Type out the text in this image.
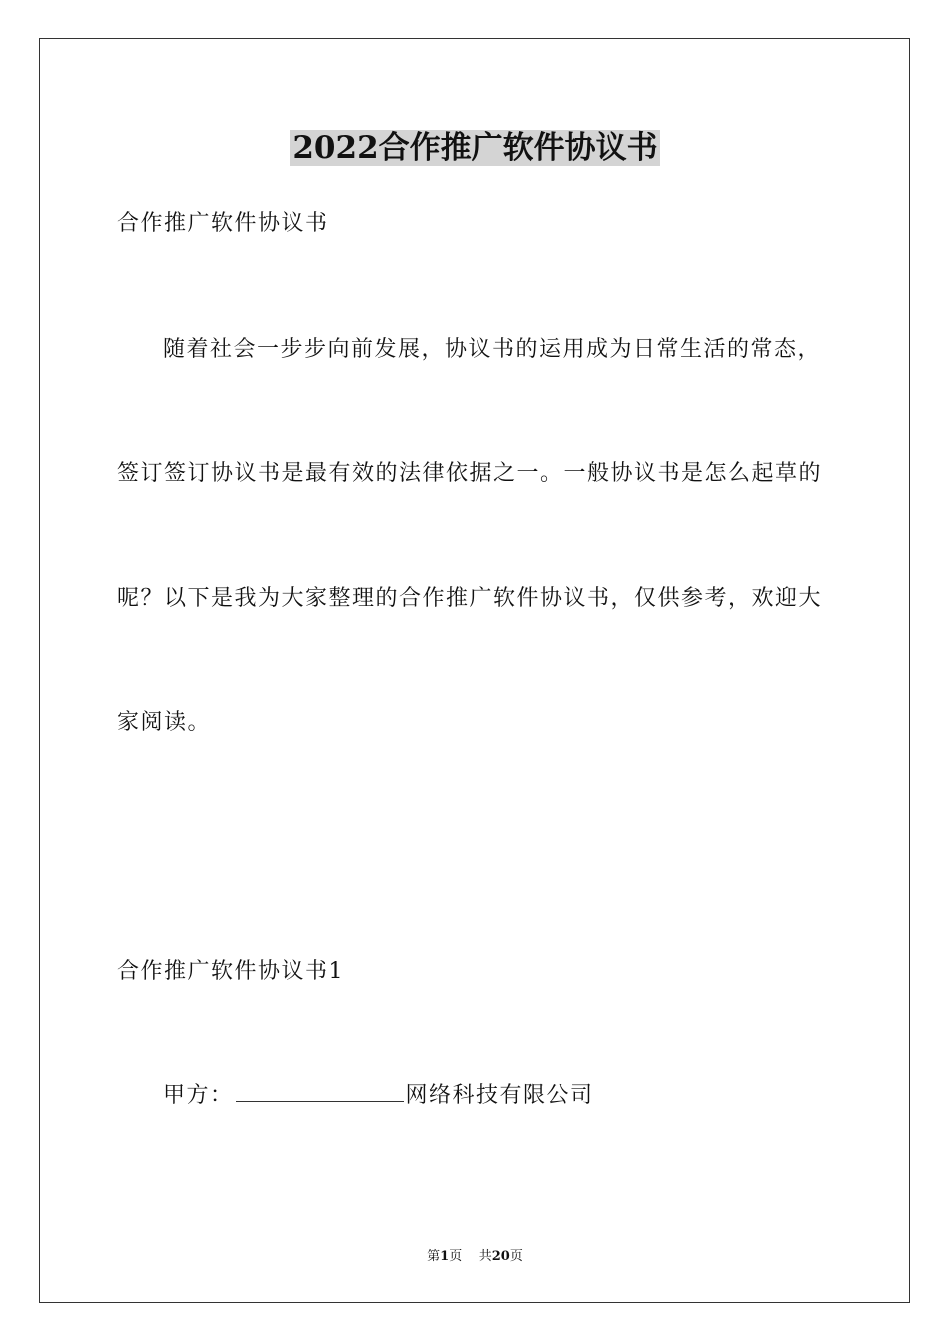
2022合作推广软件协议书
合作推广软件协议书
随着社会一步步向前发展，协议书的运用成为日常生活的常态，
签订签订协议书是最有效的法律依据之一。一般协议书是怎么起草的
呢？以下是我为大家整理的合作推广软件协议书，仅供参考，欢迎大
家阅读。
合作推广软件协议书1
甲方：	网络科技有限公司
第1页 共20页
